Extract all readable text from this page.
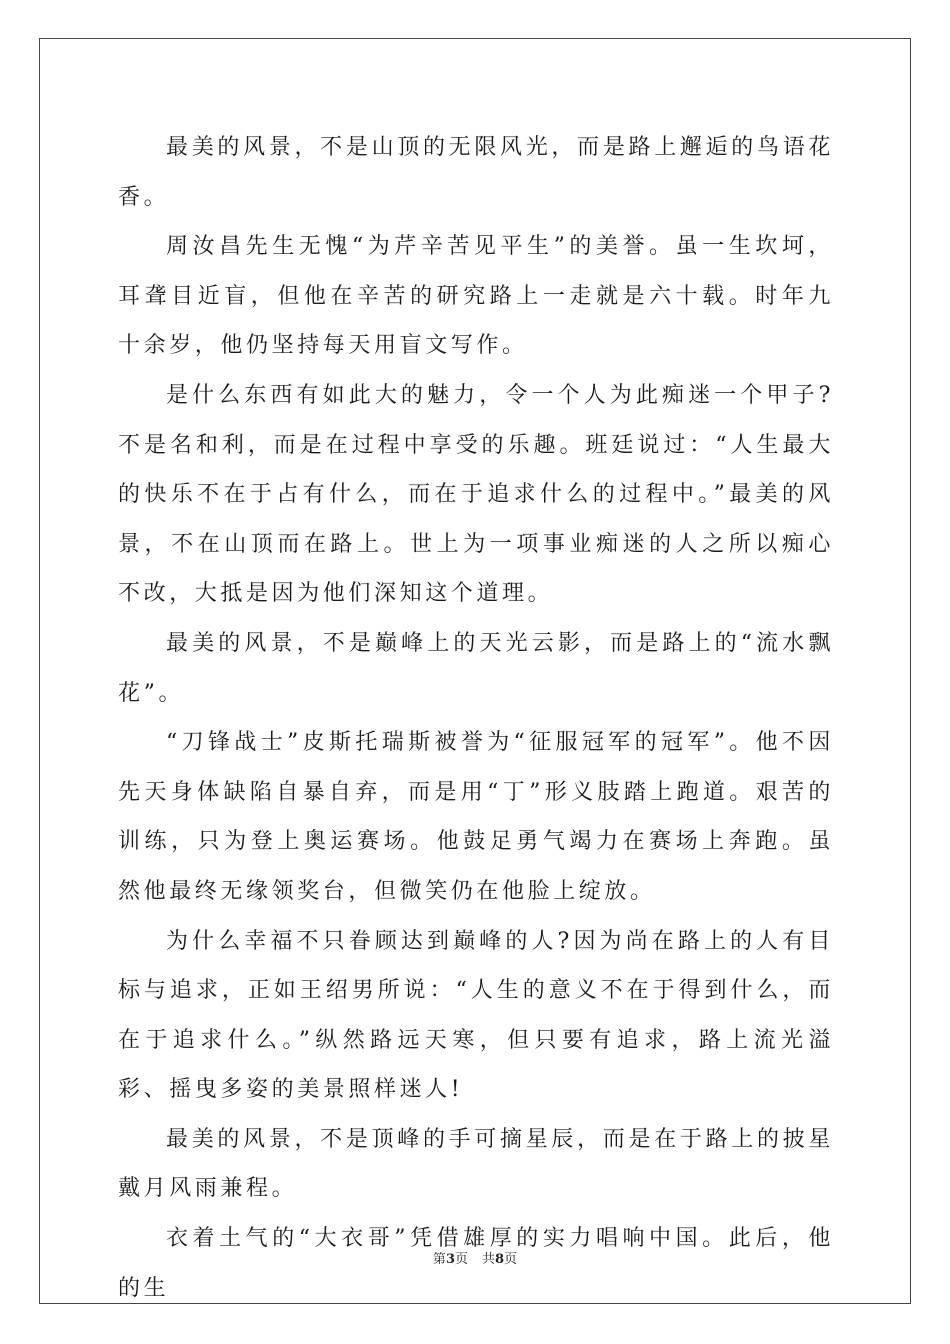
最美的风景，不是山顶的无限风光，而是路上邂逅的鸟语花香。

周汝昌先生无愧“为芹辛苦见平生”的美誉。虽一生坎坷，耳聋目近盲，但他在辛苦的研究路上一走就是六十载。时年九十余岁，他仍坚持每天用盲文写作。

是什么东西有如此大的魅力，令一个人为此痴迷一个甲子?不是名和利，而是在过程中享受的乐趣。班廷说过：“人生最大的快乐不在于占有什么，而在于追求什么的过程中。”最美的风景，不在山顶而在路上。世上为一项事业痴迷的人之所以痴心不改，大抵是因为他们深知这个道理。

最美的风景，不是巅峰上的天光云影，而是路上的“流水飘花”。

“刀锋战士”皮斯托瑞斯被誉为“征服冠军的冠军”。他不因先天身体缺陷自暴自弃，而是用“丁”形义肢踏上跑道。艰苦的训练，只为登上奥运赛场。他鼓足勇气竭力在赛场上奔跑。虽然他最终无缘领奖台，但微笑仍在他脸上绽放。

为什么幸福不只眷顾达到巅峰的人?因为尚在路上的人有目标与追求，正如王绍男所说：“人生的意义不在于得到什么，而在于追求什么。”纵然路远天寒，但只要有追求，路上流光溢彩、摇曳多姿的美景照样迷人!

最美的风景，不是顶峰的手可摘星辰，而是在于路上的披星戴月风雨兼程。

衣着土气的“大衣哥”凭借雄厚的实力唱响中国。此后，他的生

第3页 共8页
